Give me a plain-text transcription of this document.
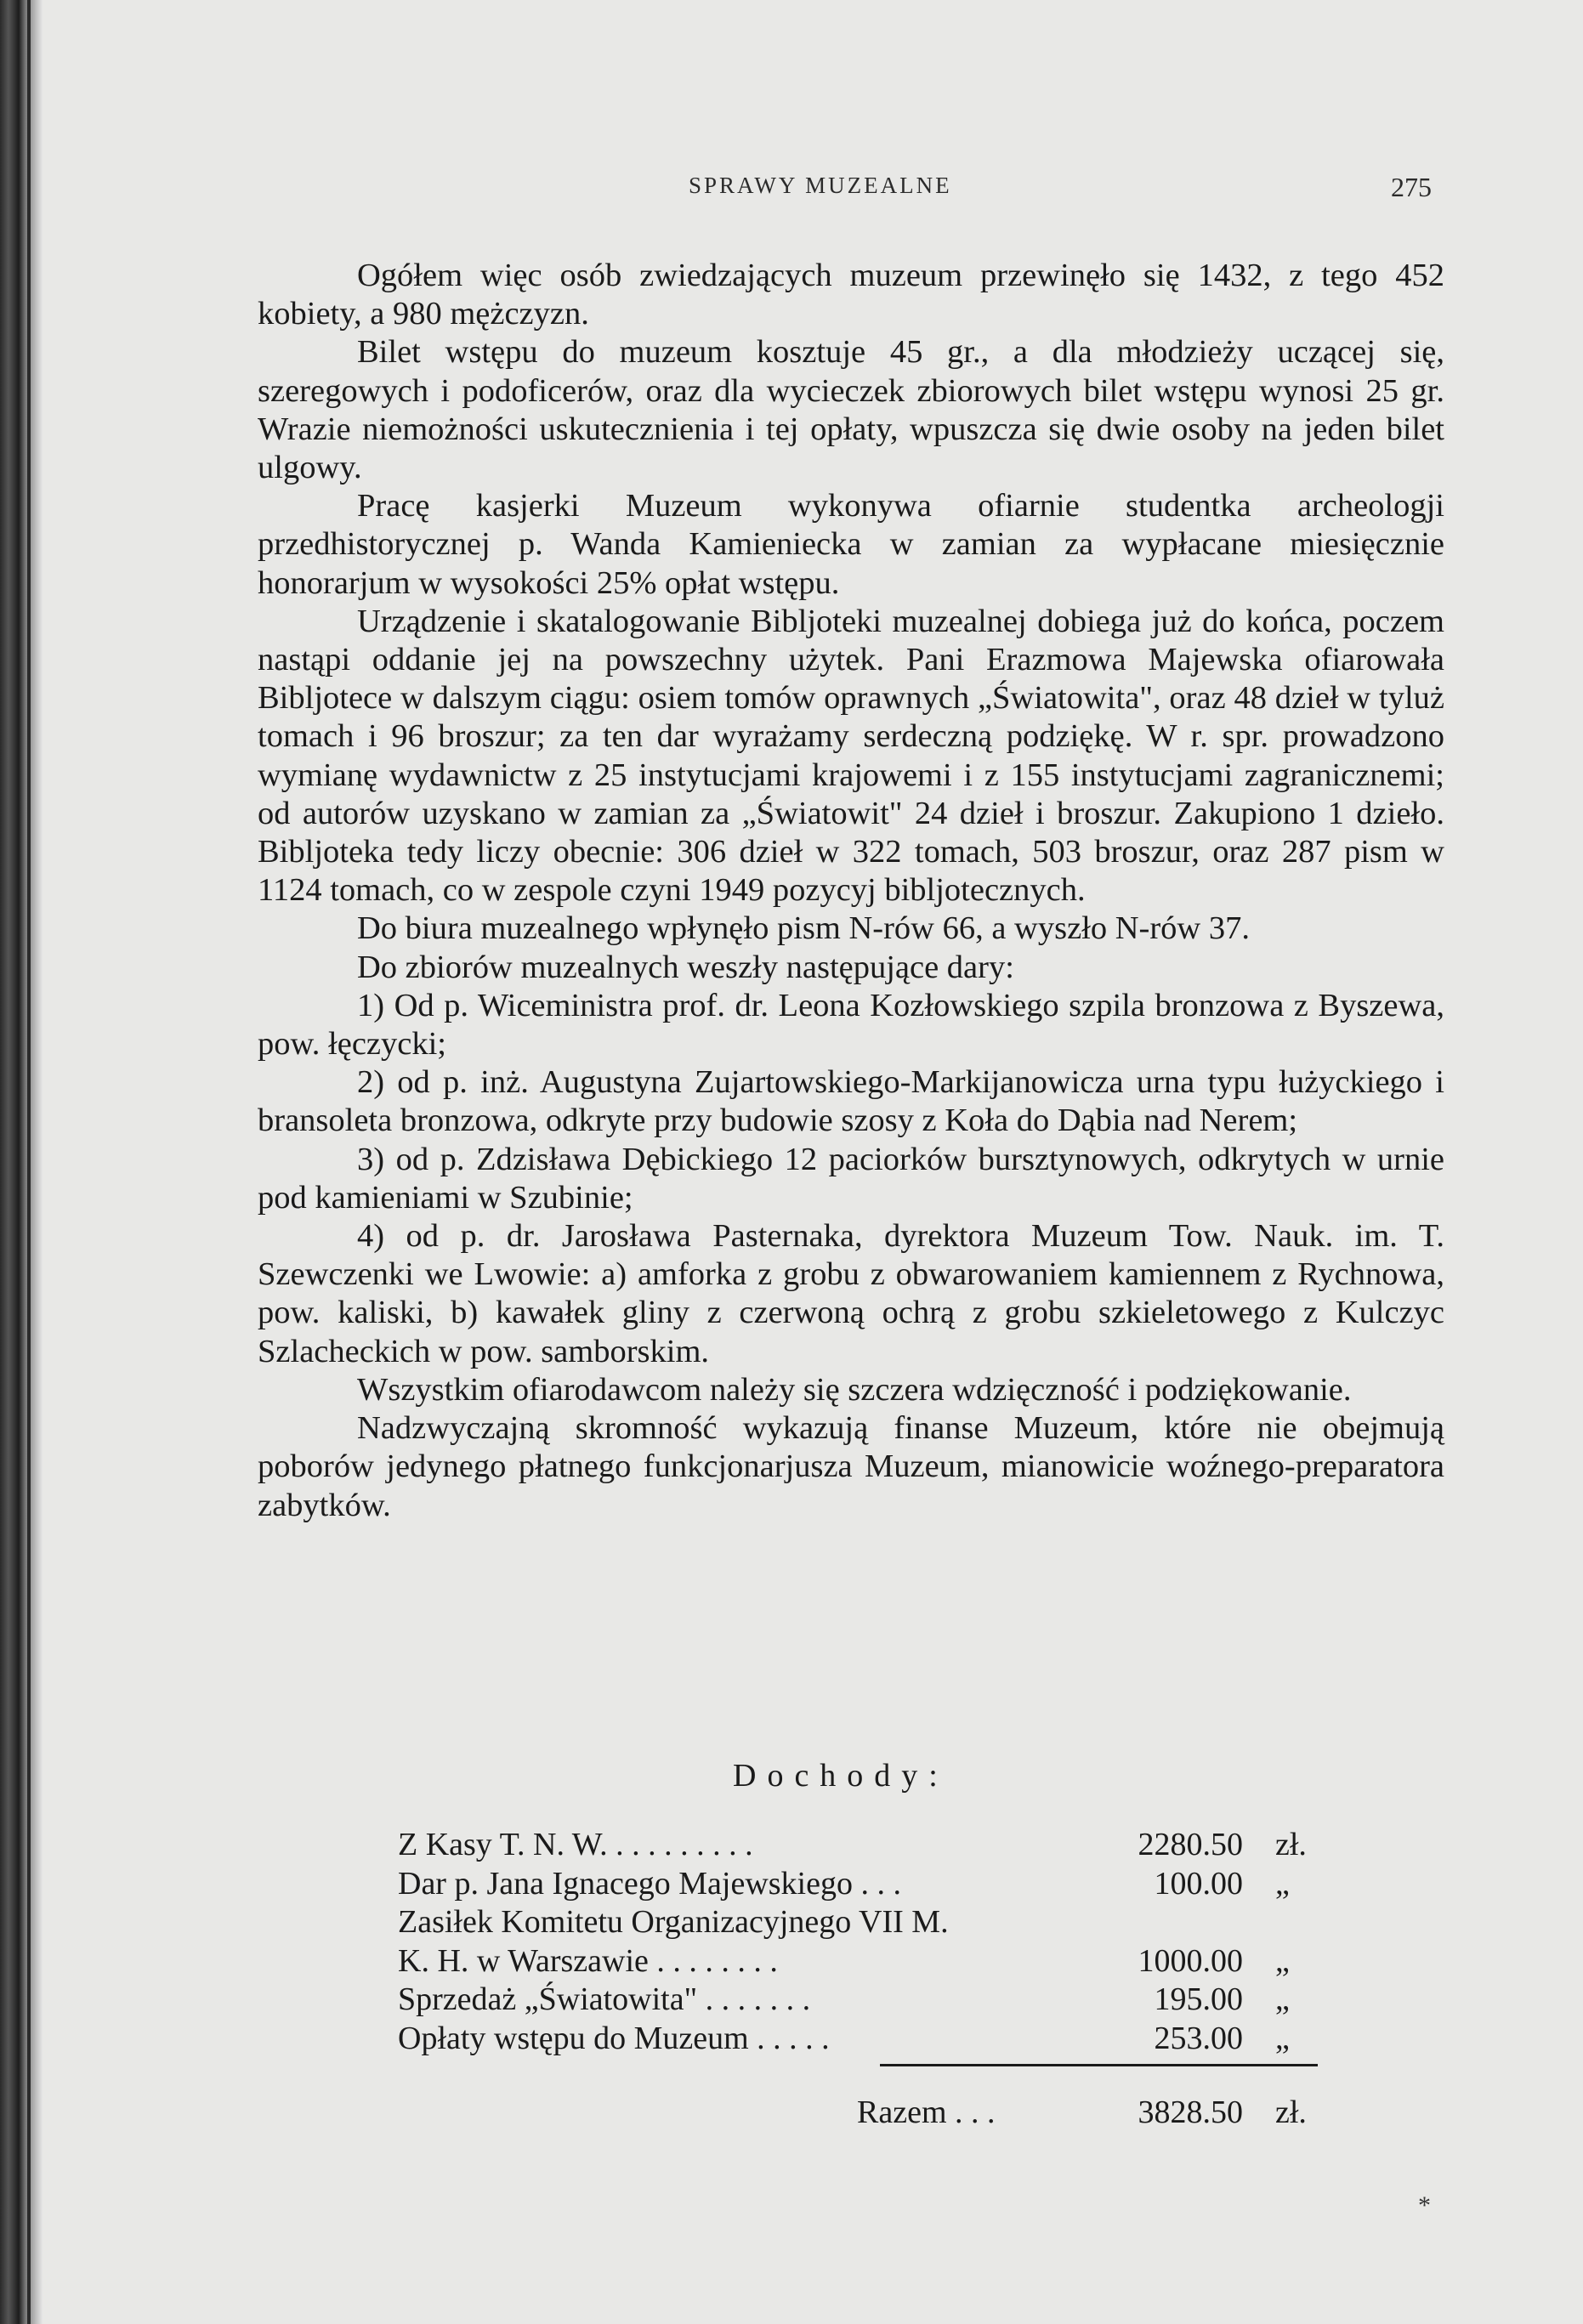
SPRAWY MUZEALNE	275

Ogółem więc osób zwiedzających muzeum przewinęło się 1432, z tego 452 kobiety, a 980 mężczyzn.

Bilet wstępu do muzeum kosztuje 45 gr., a dla młodzieży uczącej się, szeregowych i podoficerów, oraz dla wycieczek zbiorowych bilet wstępu wynosi 25 gr. Wrazie niemożności uskutecznienia i tej opłaty, wpuszcza się dwie osoby na jeden bilet ulgowy.

Pracę kasjerki Muzeum wykonywa ofiarnie studentka archeologji przedhistorycznej p. Wanda Kamieniecka w zamian za wypłacane miesięcznie honorarjum w wysokości 25% opłat wstępu.

Urządzenie i skatalogowanie Bibljoteki muzealnej dobiega już do końca, poczem nastąpi oddanie jej na powszechny użytek. Pani Erazmowa Majewska ofiarowała Bibljotece w dalszym ciągu: osiem tomów oprawnych „Światowita", oraz 48 dzieł w tyluż tomach i 96 broszur; za ten dar wyrażamy serdeczną podziękę. W r. spr. prowadzono wymianę wydawnictw z 25 instytucjami krajowemi i z 155 instytucjami zagranicznemi; od autorów uzyskano w zamian za „Światowit" 24 dzieł i broszur. Zakupiono 1 dzieło. Bibljoteka tedy liczy obecnie: 306 dzieł w 322 tomach, 503 broszur, oraz 287 pism w 1124 tomach, co w zespole czyni 1949 pozycyj bibljotecznych.

Do biura muzealnego wpłynęło pism N-rów 66, a wyszło N-rów 37.

Do zbiorów muzealnych weszły następujące dary:

1) Od p. Wiceministra prof. dr. Leona Kozłowskiego szpila bronzowa z Byszewa, pow. łęczycki;

2) od p. inż. Augustyna Zujartowskiego-Markijanowicza urna typu łużyckiego i bransoleta bronzowa, odkryte przy budowie szosy z Koła do Dąbia nad Nerem;

3) od p. Zdzisława Dębickiego 12 paciorków bursztynowych, odkrytych w urnie pod kamieniami w Szubinie;

4) od p. dr. Jarosława Pasternaka, dyrektora Muzeum Tow. Nauk. im. T. Szewczenki we Lwowie: a) amforka z grobu z obwarowaniem kamiennem z Rychnowa, pow. kaliski, b) kawałek gliny z czerwoną ochrą z grobu szkieletowego z Kulczyc Szlacheckich w pow. samborskim.

Wszystkim ofiarodawcom należy się szczera wdzięczność i podziękowanie.

Nadzwyczajną skromność wykazują finanse Muzeum, które nie obejmują poborów jedynego płatnego funkcjonarjusza Muzeum, mianowicie woźnego-preparatora zabytków.

Dochody:
Z Kasy T. N. W. . . . . . . . . .	2280.50 zł.
Dar p. Jana Ignacego Majewskiego . . .	100.00 „
Zasiłek Komitetu Organizacyjnego VII M.
K. H. w Warszawie . . . . . . . .	1000.00 „
Sprzedaż „Światowita" . . . . . . .	195.00 „
Opłaty wstępu do Muzeum . . . . .	253.00 „
Razem . . .	3828.50 zł.
*
